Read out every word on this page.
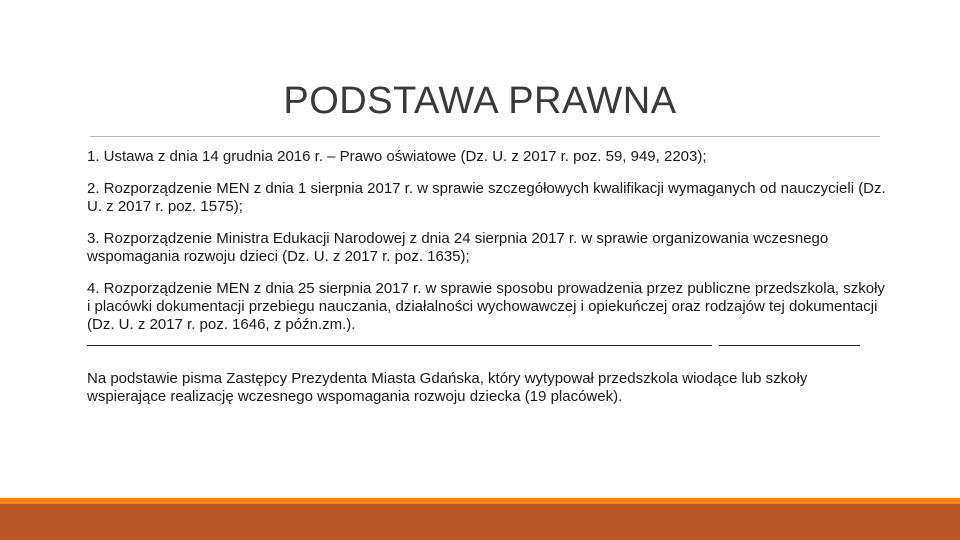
PODSTAWA PRAWNA

1. Ustawa z dnia 14 grudnia 2016 r. – Prawo oświatowe (Dz. U. z 2017 r. poz. 59, 949, 2203);

2. Rozporządzenie MEN z dnia 1 sierpnia 2017 r. w sprawie szczegółowych kwalifikacji wymaganych od nauczycieli (Dz. U. z 2017 r. poz. 1575);

3. Rozporządzenie Ministra Edukacji Narodowej z dnia 24 sierpnia 2017 r. w sprawie organizowania wczesnego wspomagania rozwoju dzieci (Dz. U. z 2017 r. poz. 1635);

4. Rozporządzenie MEN z dnia 25 sierpnia 2017 r. w sprawie sposobu prowadzenia przez publiczne przedszkola, szkoły i placówki dokumentacji przebiegu nauczania, działalności wychowawczej i opiekuńczej oraz rodzajów tej dokumentacji (Dz. U. z 2017 r. poz. 1646, z późn.zm.).

Na podstawie pisma Zastępcy Prezydenta Miasta Gdańska, który wytypował przedszkola wiodące lub szkoły wspierające realizację wczesnego wspomagania rozwoju dziecka (19 placówek).
